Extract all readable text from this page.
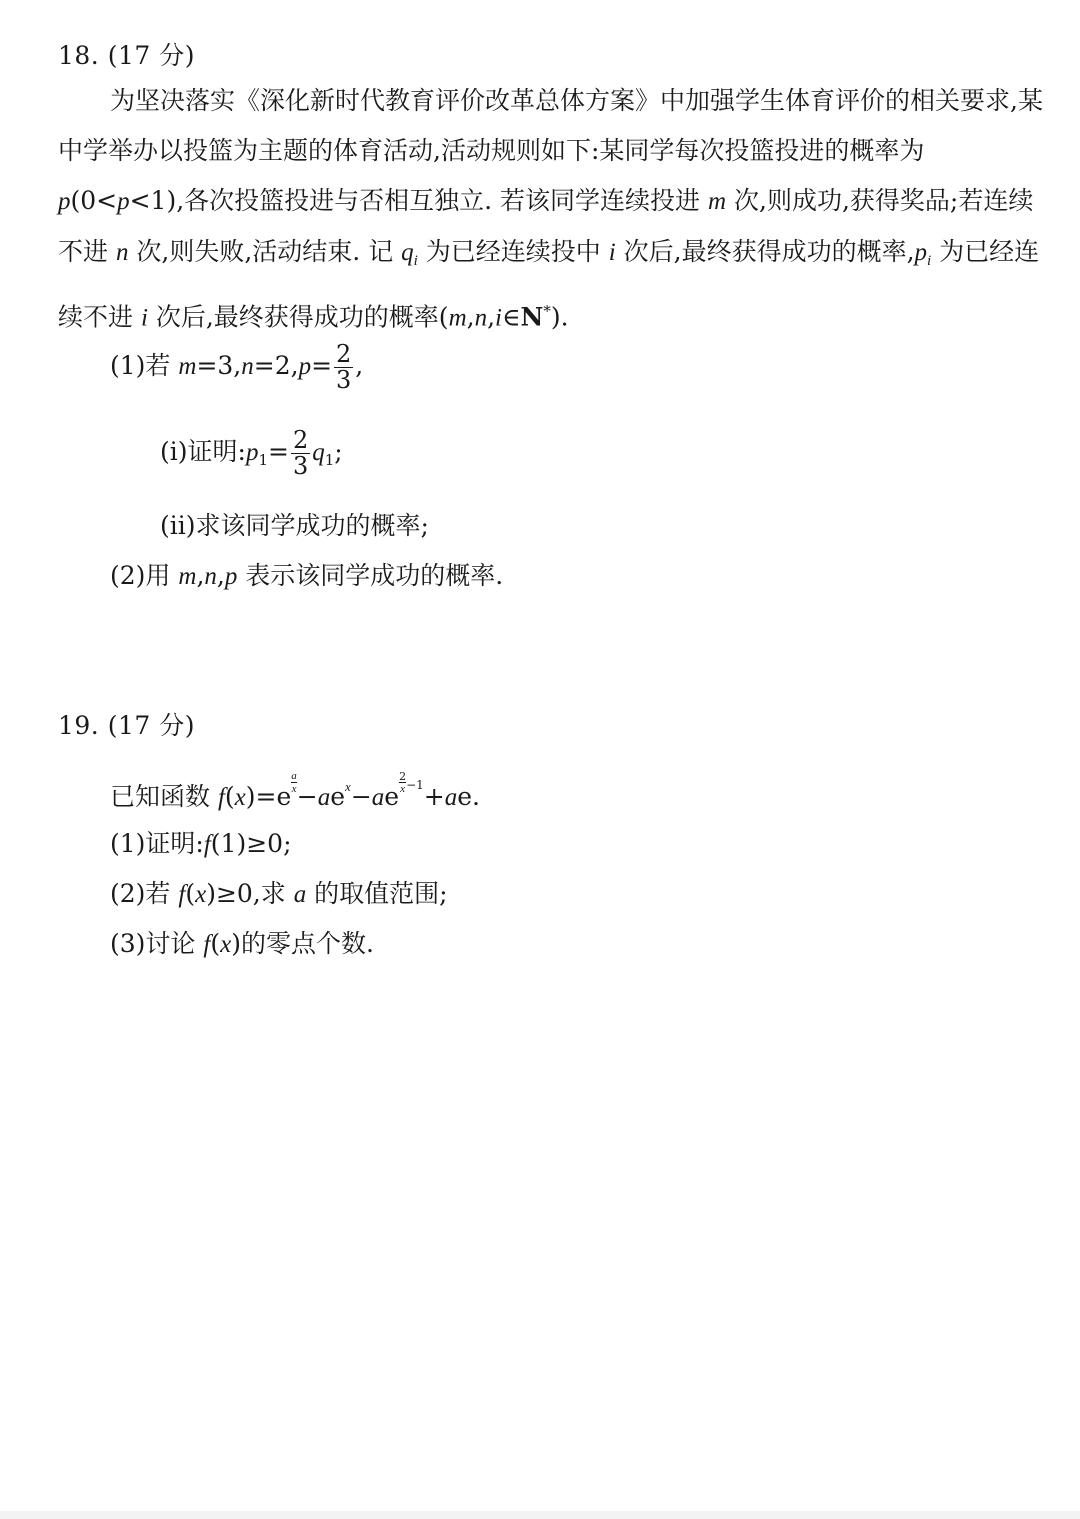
18. (17 分)
为坚决落实《深化新时代教育评价改革总体方案》中加强学生体育评价的相关要求,某中学举办以投篮为主题的体育活动,活动规则如下:某同学每次投篮投进的概率为 p(0<p<1),各次投篮投进与否相互独立. 若该同学连续投进 m 次,则成功,获得奖品;若连续不进 n 次,则失败,活动结束. 记 $q_i$ 为已经连续投中 i 次后,最终获得成功的概率$,p_i$ 为已经连续不进 i 次后,最终获得成功的概率(m,n,i∈N*).
(1)若 $m=3,n=2,p= \frac{2}{3}$ ,
(i)证明$:p_1= \frac{2}{3} q_1$;
(ii)求该同学成功的概率;
(2)用 m,n,p 表示该同学成功的概率.
19. (17 分)
已知函数 $f(x)=e \frac{a}{x} -ae^x-ae \frac{2}{x} -1+ae$.
(1)证明:f(1)≥0;
(2)若 f(x)≥0,求 a 的取值范围;
(3)讨论 f(x)的零点个数.
